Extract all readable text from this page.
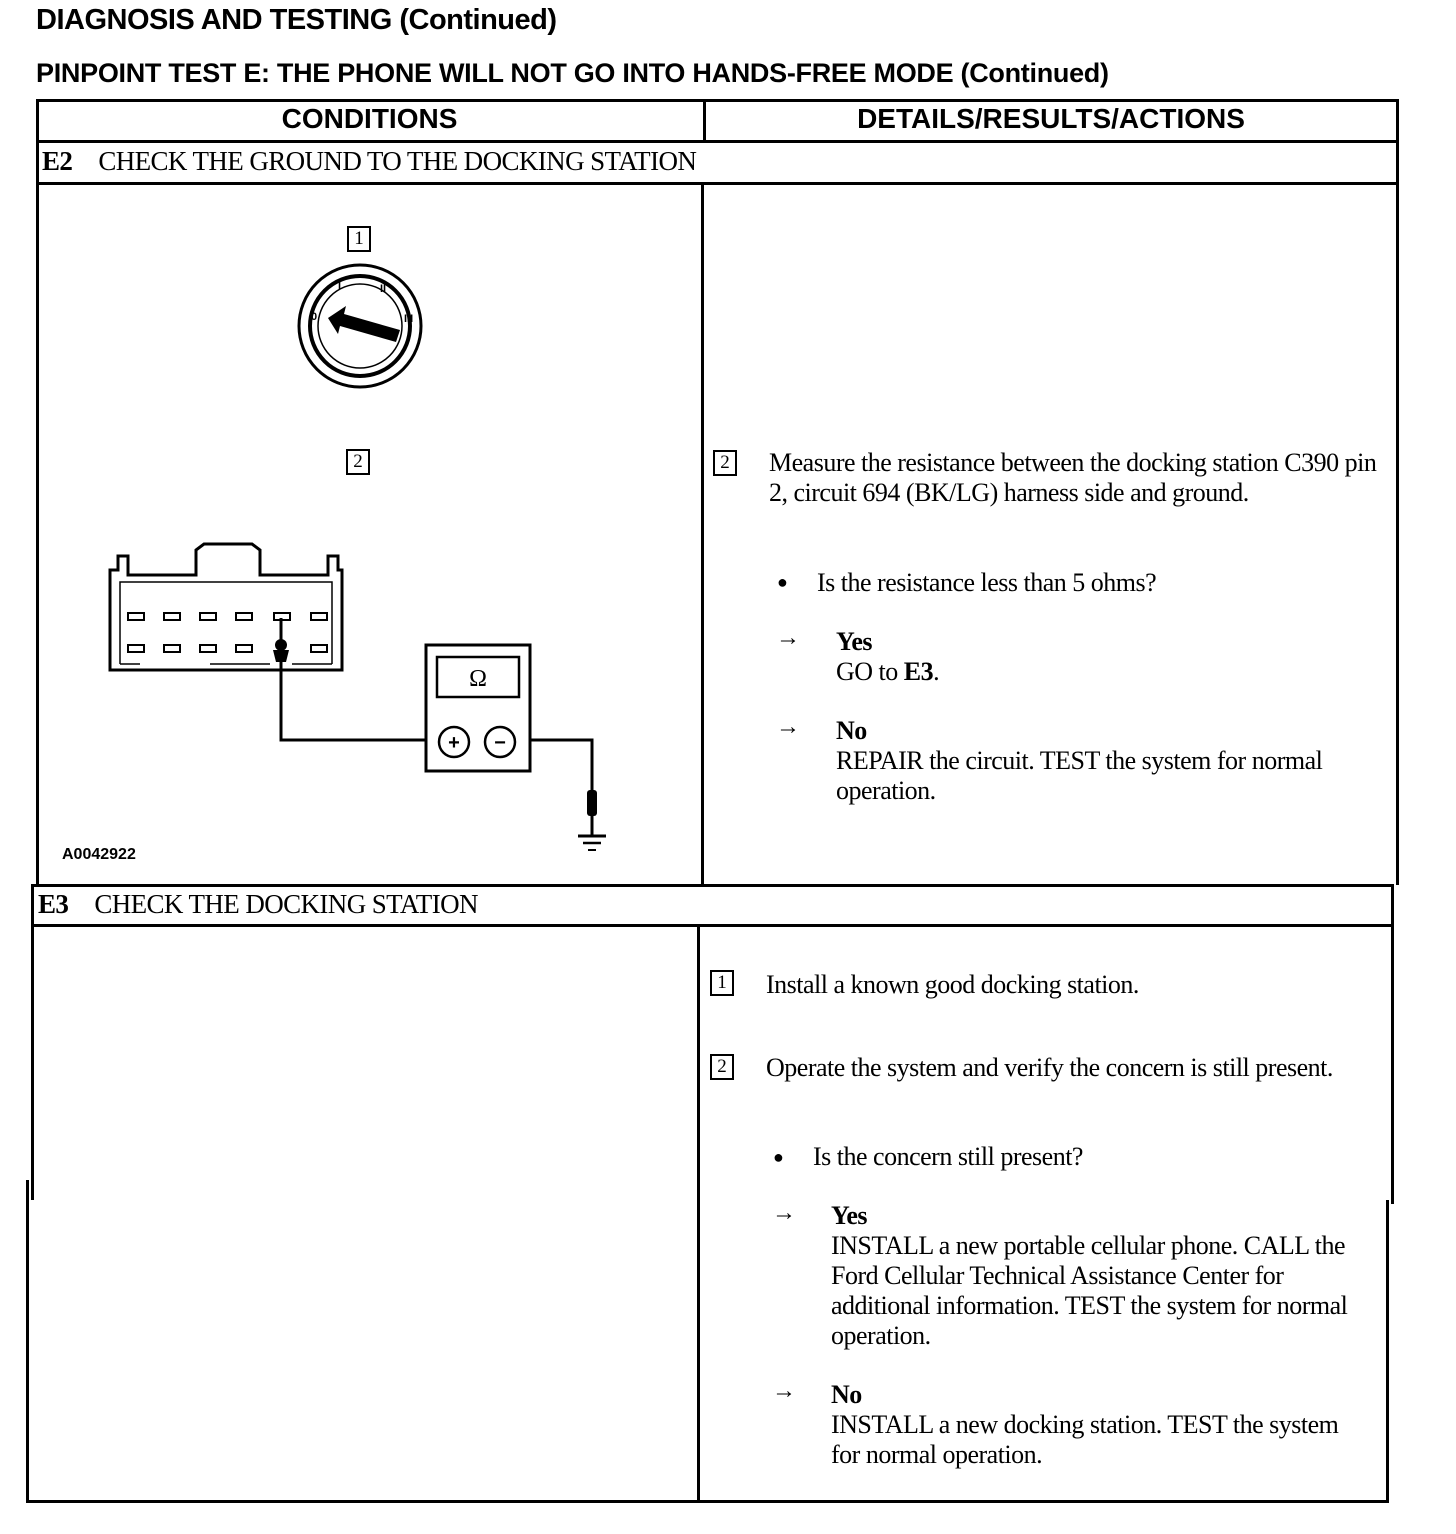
DIAGNOSIS AND TESTING (Continued)
PINPOINT TEST E: THE PHONE WILL NOT GO INTO HANDS-FREE MODE (Continued)
CONDITIONS	DETAILS/RESULTS/ACTIONS
E2 CHECK THE GROUND TO THE DOCKING STATION
1
2
0
I	II
III
Ω
+ −
A0042922
2 Measure the resistance between the docking station C390 pin 2, circuit 694 (BK/LG) harness side and ground.
● Is the resistance less than 5 ohms?
→ Yes
GO to E3.
→ No
REPAIR the circuit. TEST the system for normal operation.
E3 CHECK THE DOCKING STATION
1 Install a known good docking station.
2 Operate the system and verify the concern is still present.
● Is the concern still present?
→ Yes
INSTALL a new portable cellular phone. CALL the Ford Cellular Technical Assistance Center for additional information. TEST the system for normal operation.
→ No
INSTALL a new docking station. TEST the system for normal operation.
